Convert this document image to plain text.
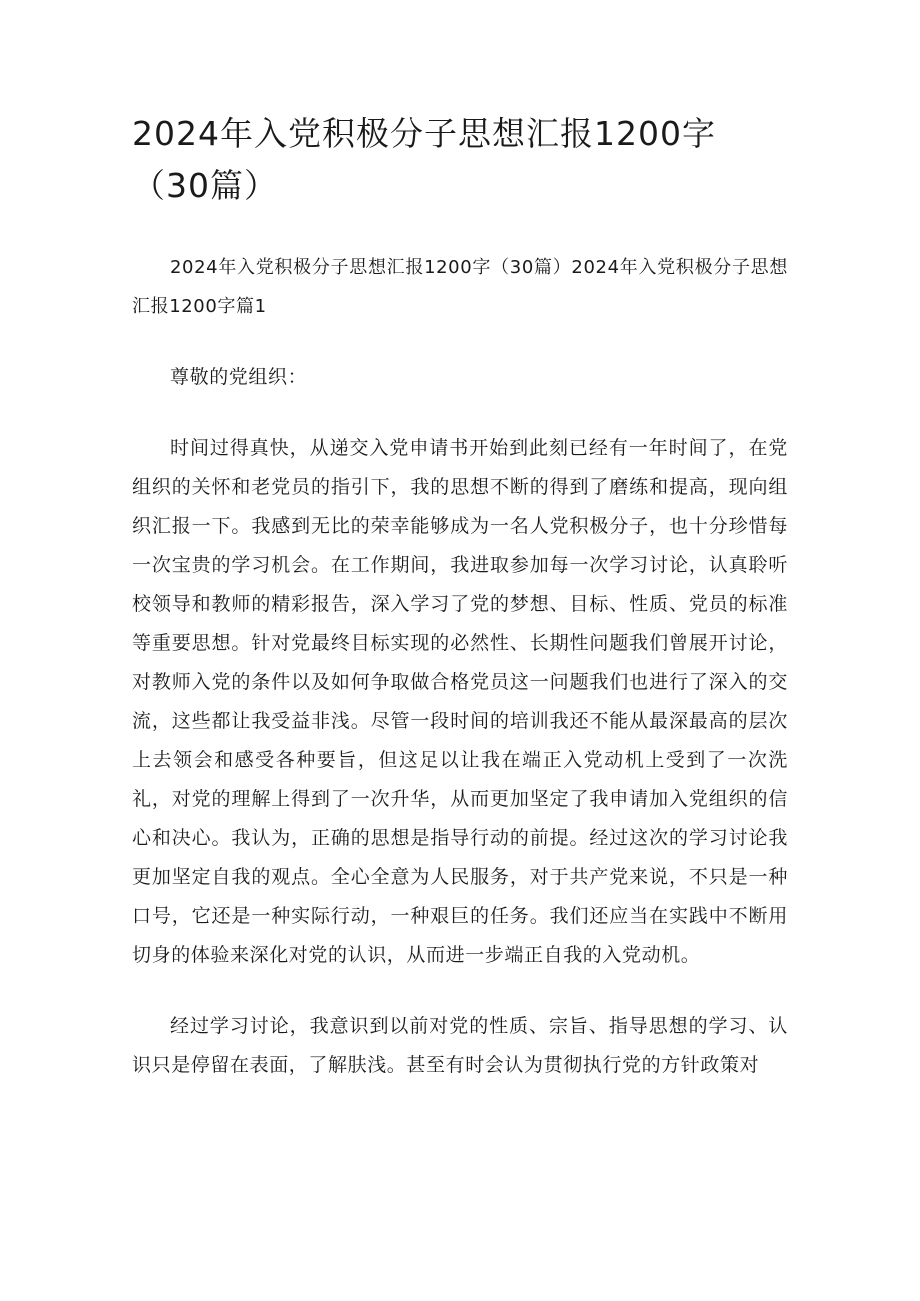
2024年入党积极分子思想汇报1200字（30篇）

2024年入党积极分子思想汇报1200字（30篇）2024年入党积极分子思想汇报1200字篇1

尊敬的党组织：

时间过得真快，从递交入党申请书开始到此刻已经有一年时间了，在党组织的关怀和老党员的指引下，我的思想不断的得到了磨练和提高，现向组织汇报一下。我感到无比的荣幸能够成为一名人党积极分子，也十分珍惜每一次宝贵的学习机会。在工作期间，我进取参加每一次学习讨论，认真聆听校领导和教师的精彩报告，深入学习了党的梦想、目标、性质、党员的标准等重要思想。针对党最终目标实现的必然性、长期性问题我们曾展开讨论，对教师入党的条件以及如何争取做合格党员这一问题我们也进行了深入的交流，这些都让我受益非浅。尽管一段时间的培训我还不能从最深最高的层次上去领会和感受各种要旨，但这足以让我在端正入党动机上受到了一次洗礼，对党的理解上得到了一次升华，从而更加坚定了我申请加入党组织的信心和决心。我认为，正确的思想是指导行动的前提。经过这次的学习讨论我更加坚定自我的观点。全心全意为人民服务，对于共产党来说，不只是一种口号，它还是一种实际行动，一种艰巨的任务。我们还应当在实践中不断用切身的体验来深化对党的认识，从而进一步端正自我的入党动机。

经过学习讨论，我意识到以前对党的性质、宗旨、指导思想的学习、认识只是停留在表面，了解肤浅。甚至有时会认为贯彻执行党的方针政策对
